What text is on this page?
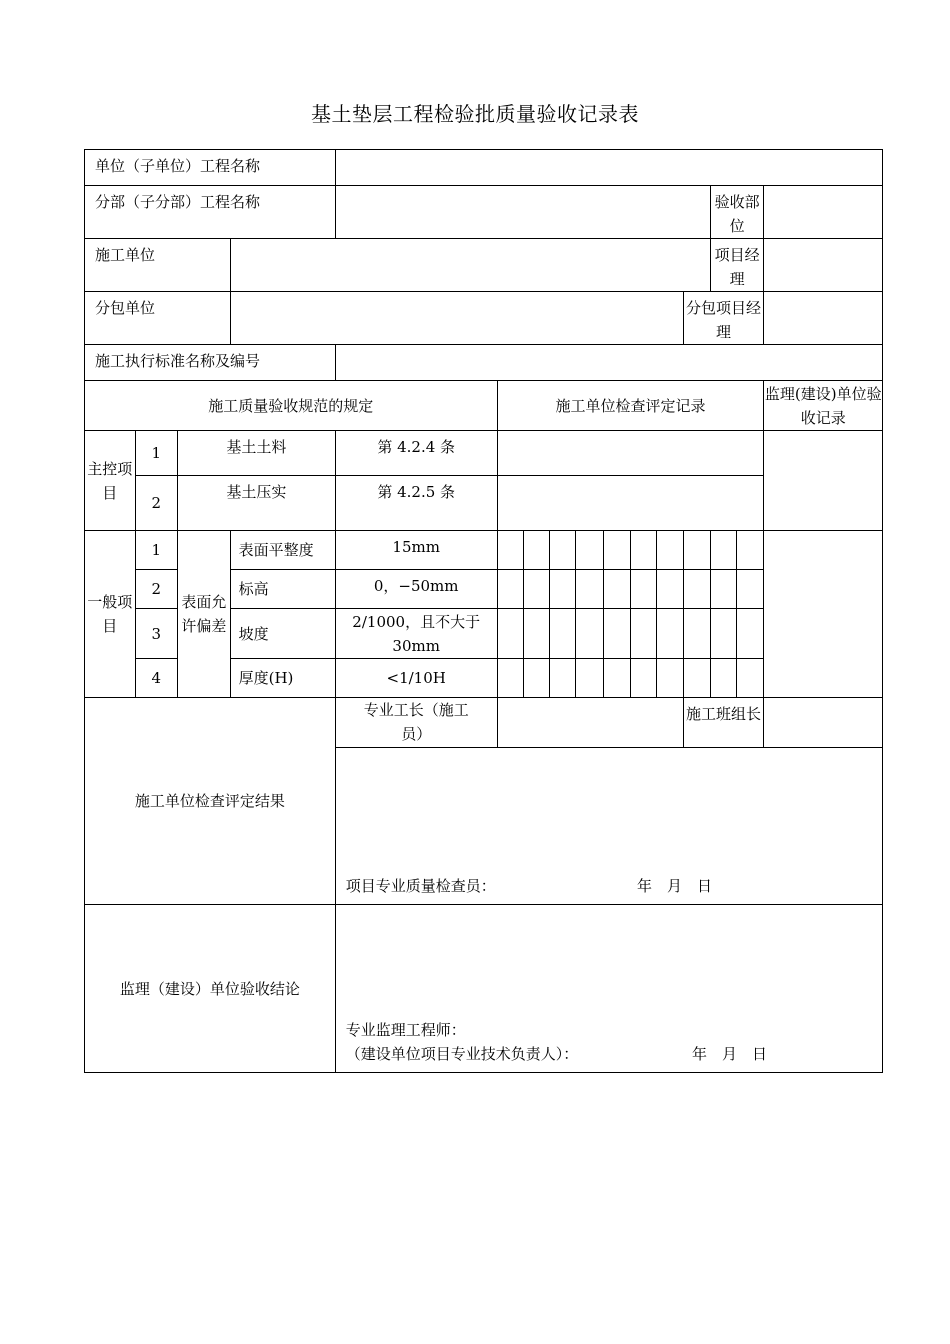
基土垫层工程检验批质量验收记录表
单位（子单位）工程名称															
分部（子分部）工程名称													验收部位		
施工单位													项目经理		
分包单位												分包项目经理			
施工执行标准名称及编号															
施工质量验收规范的规定					施工单位检查评定记录										监理(建设)单位验收记录
主控项目	1	基土土料		第 4.2.4 条											
	2	基土压实		第 4.2.5 条											
一般项目	1	表面允许偏差	表面平整度	15mm											
	2		标高	0，−50mm											
	3		坡度	2/1000，且不大于30mm											
	4		厚度(H)	<1/10H											
施工单位检查评定结果				专业工长（施工员）								施工班组长			

				项目专业质量检查员： 年　月　日											

监理（建设）单位验收结论				专业监理工程师：
（建设单位项目专业技术负责人）： 年　月　日											
